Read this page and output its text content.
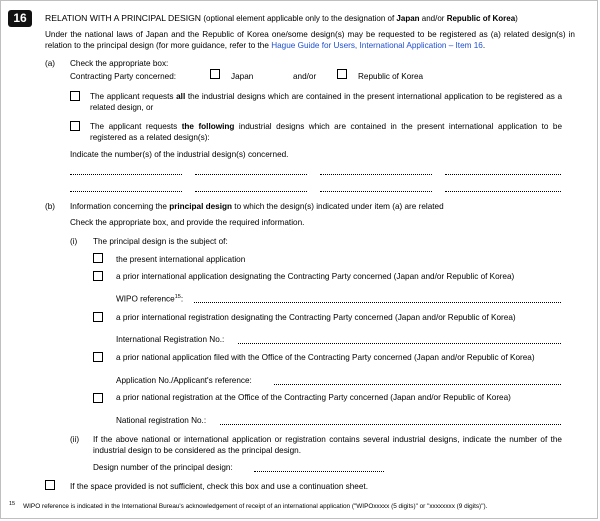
16	RELATION WITH A PRINCIPAL DESIGN (optional element applicable only to the designation of Japan and/or Republic of Korea)
Under the national laws of Japan and the Republic of Korea one/some design(s) may be requested to be registered as (a) related design(s) in relation to the principal design (for more guidance, refer to the Hague Guide for Users, International Application – Item 16.
(a) Check the appropriate box:
Contracting Party concerned:	Japan	and/or	Republic of Korea
The applicant requests all the industrial designs which are contained in the present international application to be registered as a related design, or
The applicant requests the following industrial designs which are contained in the present international application to be registered as a related design(s):
Indicate the number(s) of the industrial design(s) concerned.
(b) Information concerning the principal design to which the design(s) indicated under item (a) are related
Check the appropriate box, and provide the required information.
(i) The principal design is the subject of:
the present international application
a prior international application designating the Contracting Party concerned (Japan and/or Republic of Korea)
WIPO reference$^{15}$:
a prior international registration designating the Contracting Party concerned (Japan and/or Republic of Korea)
International Registration No.:
a prior national application filed with the Office of the Contracting Party concerned (Japan and/or Republic of Korea)
Application No./Applicant's reference:
a prior national registration at the Office of the Contracting Party concerned (Japan and/or Republic of Korea)
National registration No.:
(ii) If the above national or international application or registration contains several industrial designs, indicate the number of the industrial design to be considered as the principal design.
Design number of the principal design:
If the space provided is not sufficient, check this box and use a continuation sheet.
$^{15}$ WIPO reference is indicated in the International Bureau's acknowledgement of receipt of an international application ("WIPOxxxxx (5 digits)" or "xxxxxxxx (9 digits)").
